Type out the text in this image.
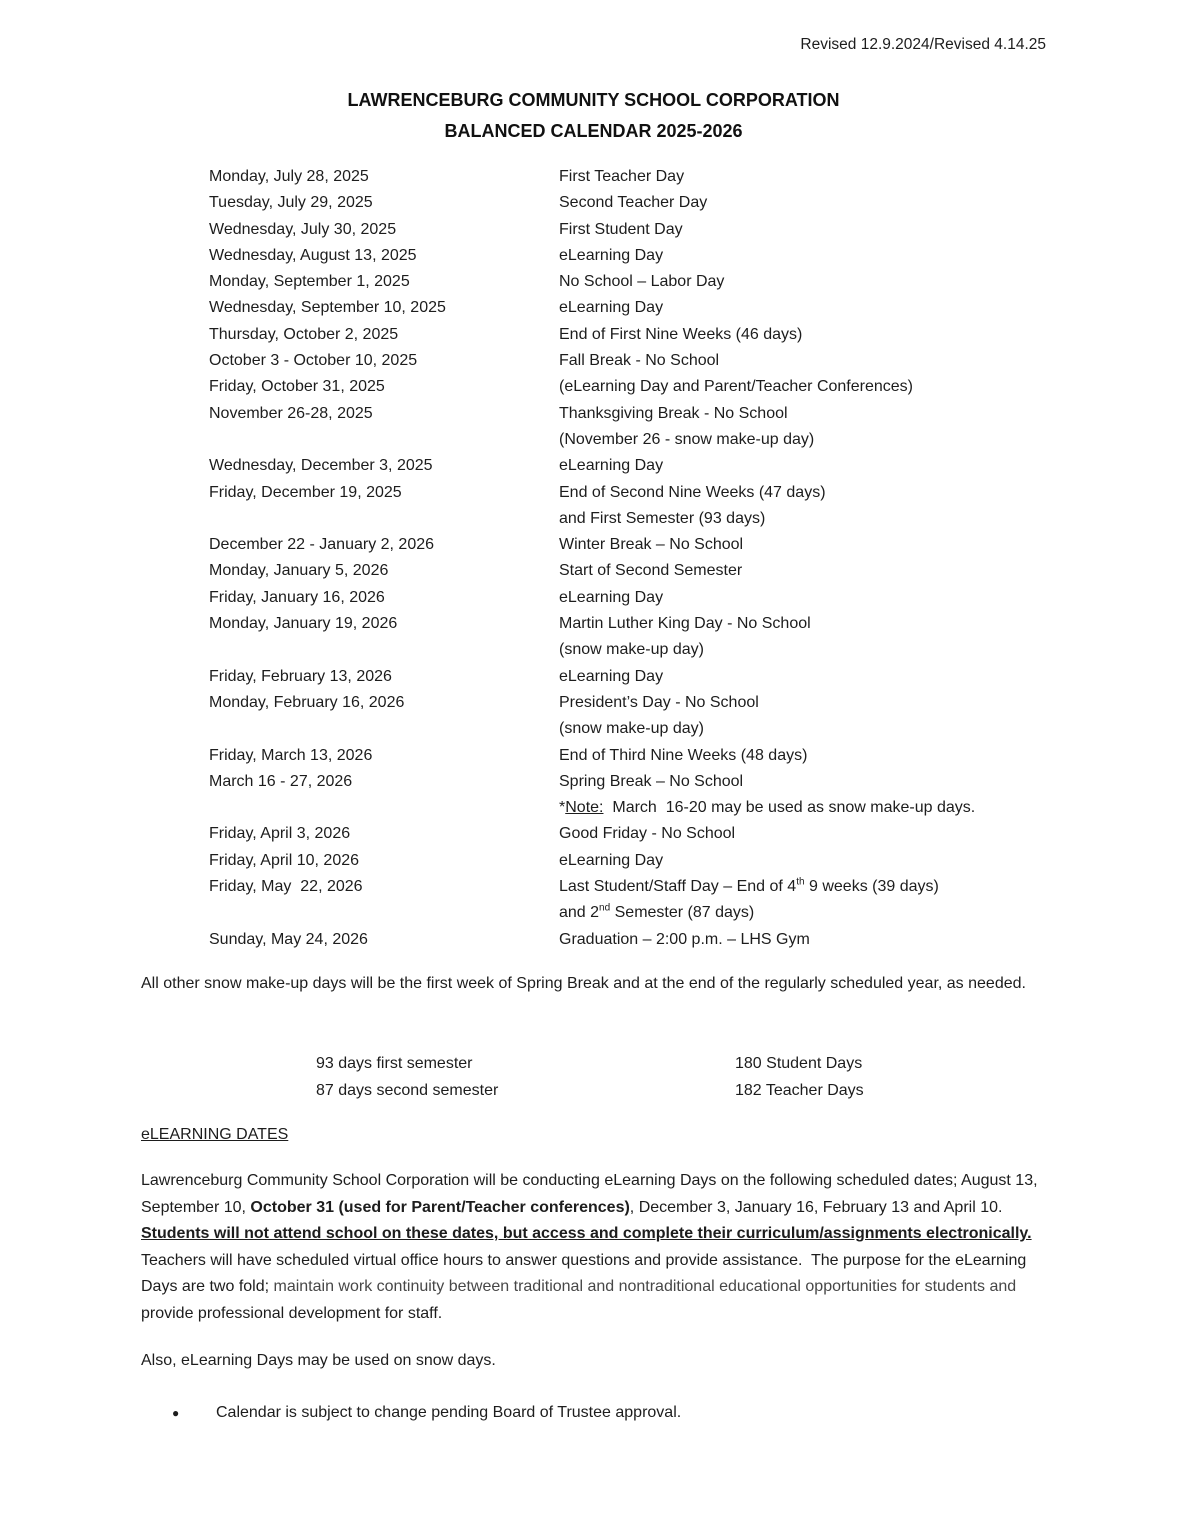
Revised 12.9.2024/Revised 4.14.25
LAWRENCEBURG COMMUNITY SCHOOL CORPORATION
BALANCED CALENDAR 2025-2026
Monday, July 28, 2025	First Teacher Day
Tuesday, July 29, 2025	Second Teacher Day
Wednesday, July 30, 2025	First Student Day
Wednesday, August 13, 2025	eLearning Day
Monday, September 1, 2025	No School – Labor Day
Wednesday, September 10, 2025	eLearning Day
Thursday, October 2, 2025	End of First Nine Weeks (46 days)
October 3 - October 10, 2025	Fall Break - No School
Friday, October 31, 2025	(eLearning Day and Parent/Teacher Conferences)
November 26-28, 2025	Thanksgiving Break - No School
(November 26 - snow make-up day)
Wednesday, December 3, 2025	eLearning Day
Friday, December 19, 2025	End of Second Nine Weeks (47 days)
and First Semester (93 days)
December 22 - January 2, 2026	Winter Break – No School
Monday, January 5, 2026	Start of Second Semester
Friday, January 16, 2026	eLearning Day
Monday, January 19, 2026	Martin Luther King Day - No School
(snow make-up day)
Friday, February 13, 2026	eLearning Day
Monday, February 16, 2026	President’s Day - No School
(snow make-up day)
Friday, March 13, 2026	End of Third Nine Weeks (48 days)
March 16 - 27, 2026	Spring Break – No School
*Note:  March  16-20 may be used as snow make-up days.
Friday, April 3, 2026	Good Friday - No School
Friday, April 10, 2026	eLearning Day
Friday, May  22, 2026	Last Student/Staff Day – End of 4th 9 weeks (39 days)
and 2nd Semester (87 days)
Sunday, May 24, 2026	Graduation – 2:00 p.m. – LHS Gym
All other snow make-up days will be the first week of Spring Break and at the end of the regularly scheduled year, as needed.
93 days first semester	180 Student Days
87 days second semester	182 Teacher Days
eLEARNING DATES
Lawrenceburg Community School Corporation will be conducting eLearning Days on the following scheduled dates; August 13, September 10, October 31 (used for Parent/Teacher conferences), December 3, January 16, February 13 and April 10.  Students will not attend school on these dates, but access and complete their curriculum/assignments electronically.  Teachers will have scheduled virtual office hours to answer questions and provide assistance.  The purpose for the eLearning Days are two fold; maintain work continuity between traditional and nontraditional educational opportunities for students and provide professional development for staff.
Also, eLearning Days may be used on snow days.
●	Calendar is subject to change pending Board of Trustee approval.
